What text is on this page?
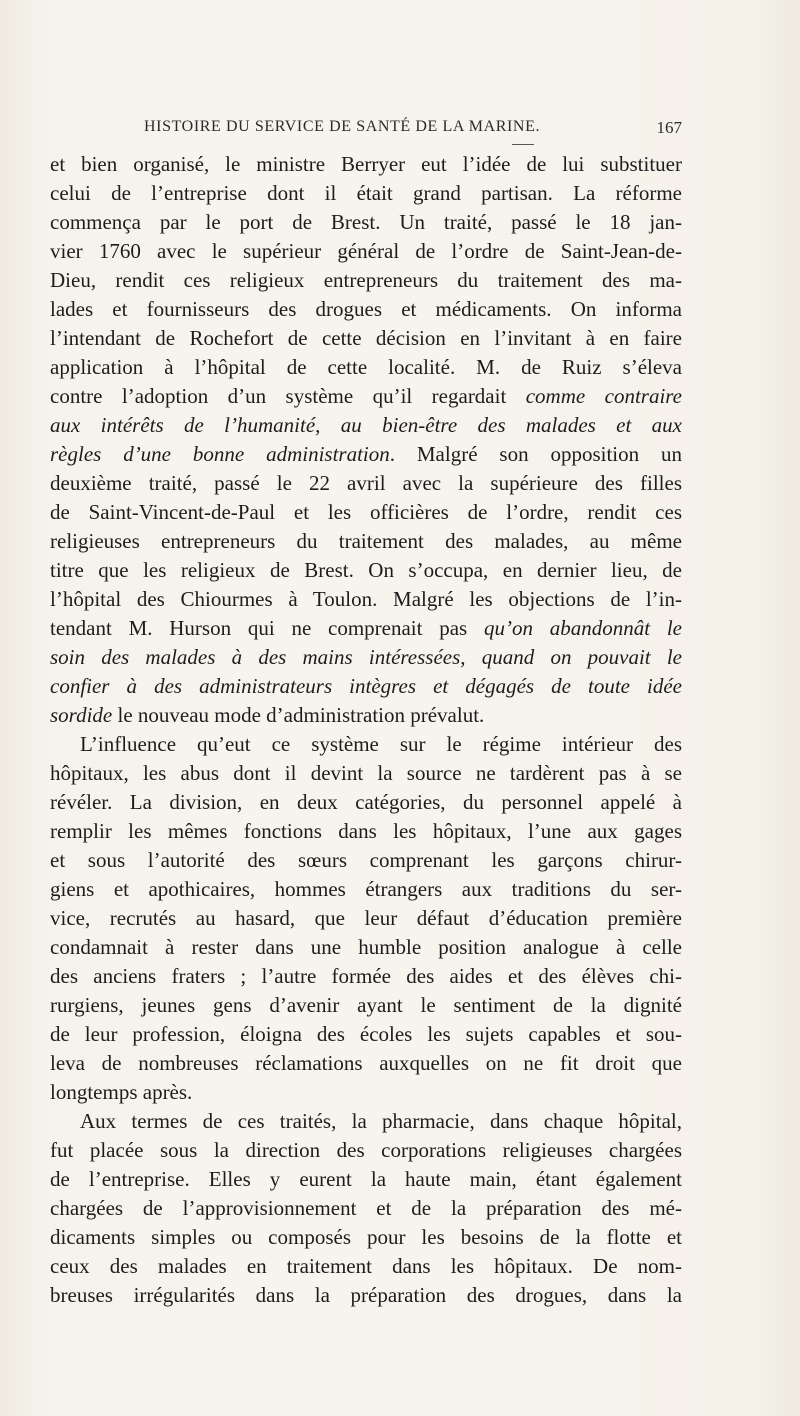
HISTOIRE DU SERVICE DE SANTÉ DE LA MARINE.	167
et bien organisé, le ministre Berryer eut l’idée de lui substituer
celui de l’entreprise dont il était grand partisan. La réforme
commença par le port de Brest. Un traité, passé le 18 jan-
vier 1760 avec le supérieur général de l’ordre de Saint-Jean-de-
Dieu, rendit ces religieux entrepreneurs du traitement des ma-
lades et fournisseurs des drogues et médicaments. On informa
l’intendant de Rochefort de cette décision en l’invitant à en faire
application à l’hôpital de cette localité. M. de Ruiz s’éleva
contre l’adoption d’un système qu’il regardait comme contraire
aux intérêts de l’humanité, au bien-être des malades et aux
règles d’une bonne administration. Malgré son opposition un
deuxième traité, passé le 22 avril avec la supérieure des filles
de Saint-Vincent-de-Paul et les officières de l’ordre, rendit ces
religieuses entrepreneurs du traitement des malades, au même
titre que les religieux de Brest. On s’occupa, en dernier lieu, de
l’hôpital des Chiourmes à Toulon. Malgré les objections de l’in-
tendant M. Hurson qui ne comprenait pas qu’on abandonnât le
soin des malades à des mains intéressées, quand on pouvait le
confier à des administrateurs intègres et dégagés de toute idée
sordide le nouveau mode d’administration prévalut.
L’influence qu’eut ce système sur le régime intérieur des
hôpitaux, les abus dont il devint la source ne tardèrent pas à se
révéler. La division, en deux catégories, du personnel appelé à
remplir les mêmes fonctions dans les hôpitaux, l’une aux gages
et sous l’autorité des sœurs comprenant les garçons chirur-
giens et apothicaires, hommes étrangers aux traditions du ser-
vice, recrutés au hasard, que leur défaut d’éducation première
condamnait à rester dans une humble position analogue à celle
des anciens fraters ; l’autre formée des aides et des élèves chi-
rurgiens, jeunes gens d’avenir ayant le sentiment de la dignité
de leur profession, éloigna des écoles les sujets capables et sou-
leva de nombreuses réclamations auxquelles on ne fit droit que
longtemps après.
Aux termes de ces traités, la pharmacie, dans chaque hôpital,
fut placée sous la direction des corporations religieuses chargées
de l’entreprise. Elles y eurent la haute main, étant également
chargées de l’approvisionnement et de la préparation des mé-
dicaments simples ou composés pour les besoins de la flotte et
ceux des malades en traitement dans les hôpitaux. De nom-
breuses irrégularités dans la préparation des drogues, dans la
